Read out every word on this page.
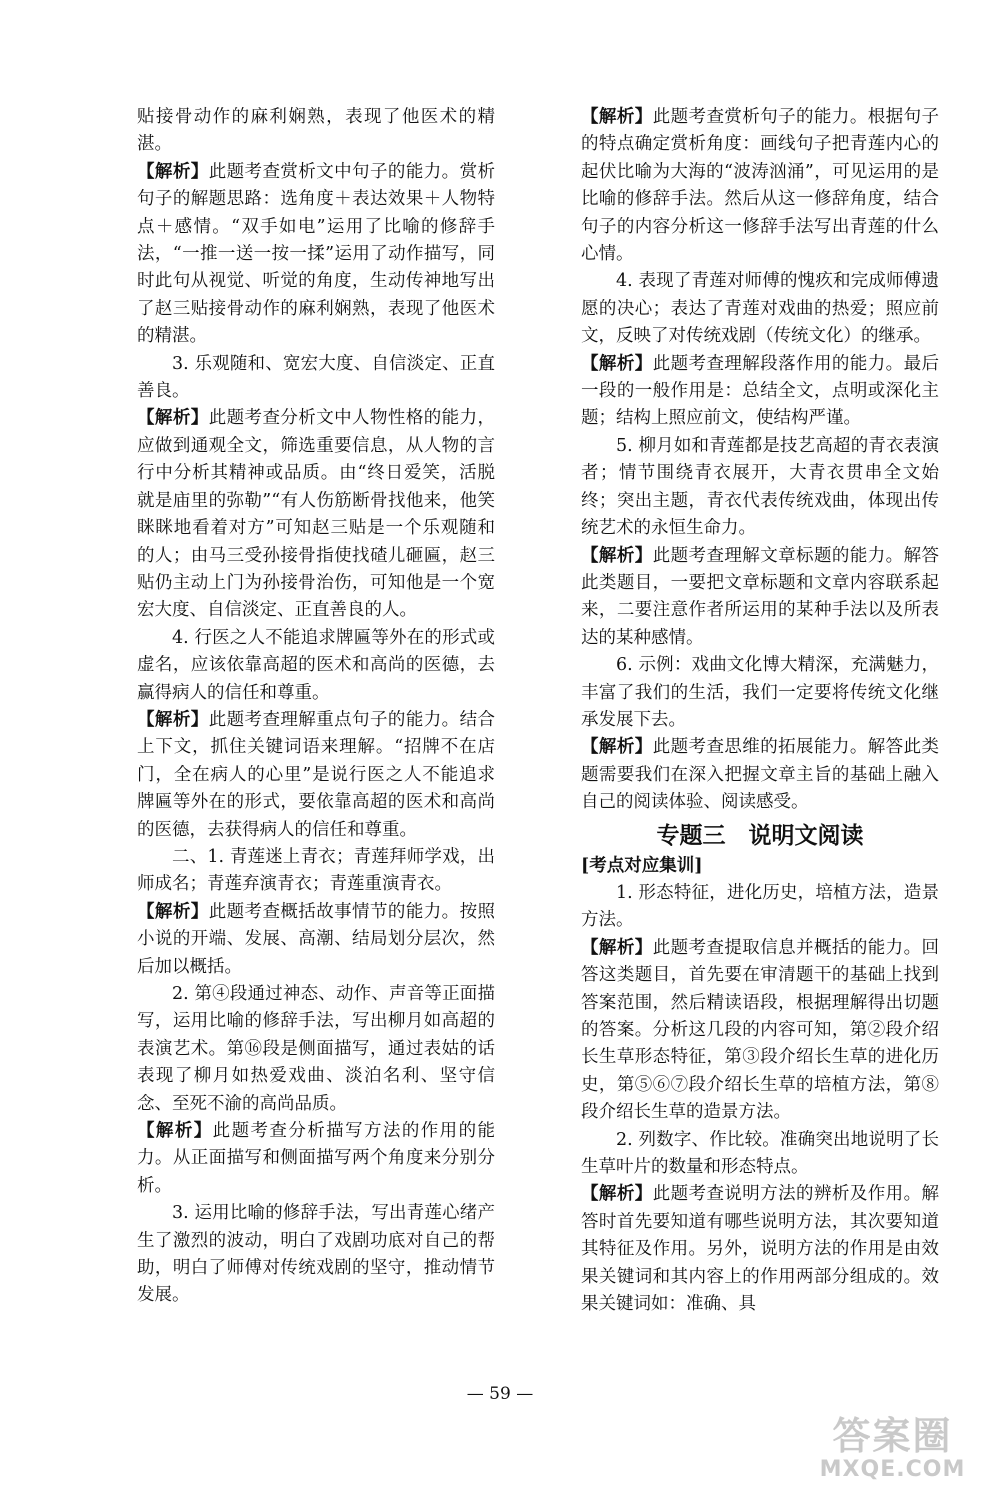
贴接骨动作的麻利娴熟，表现了他医术的精湛。

【解析】此题考查赏析文中句子的能力。赏析句子的解题思路：选角度＋表达效果＋人物特点＋感情。“双手如电”运用了比喻的修辞手法，“一推一送一按一揉”运用了动作描写，同时此句从视觉、听觉的角度，生动传神地写出了赵三贴接骨动作的麻利娴熟，表现了他医术的精湛。

3. 乐观随和、宽宏大度、自信淡定、正直善良。

【解析】此题考查分析文中人物性格的能力，应做到通观全文，筛选重要信息，从人物的言行中分析其精神或品质。由“终日爱笑，活脱就是庙里的弥勒”“有人伤筋断骨找他来，他笑眯眯地看着对方”可知赵三贴是一个乐观随和的人；由马三受孙接骨指使找碴儿砸匾，赵三贴仍主动上门为孙接骨治伤，可知他是一个宽宏大度、自信淡定、正直善良的人。

4. 行医之人不能追求牌匾等外在的形式或虚名，应该依靠高超的医术和高尚的医德，去赢得病人的信任和尊重。

【解析】此题考查理解重点句子的能力。结合上下文，抓住关键词语来理解。“招牌不在店门，全在病人的心里”是说行医之人不能追求牌匾等外在的形式，要依靠高超的医术和高尚的医德，去获得病人的信任和尊重。

二、1. 青莲迷上青衣；青莲拜师学戏，出师成名；青莲弃演青衣；青莲重演青衣。

【解析】此题考查概括故事情节的能力。按照小说的开端、发展、高潮、结局划分层次，然后加以概括。

2. 第④段通过神态、动作、声音等正面描写，运用比喻的修辞手法，写出柳月如高超的表演艺术。第⑯段是侧面描写，通过表姑的话表现了柳月如热爱戏曲、淡泊名利、坚守信念、至死不渝的高尚品质。

【解析】此题考查分析描写方法的作用的能力。从正面描写和侧面描写两个角度来分别分析。

3. 运用比喻的修辞手法，写出青莲心绪产生了激烈的波动，明白了戏剧功底对自己的帮助，明白了师傅对传统戏剧的坚守，推动情节发展。

【解析】此题考查赏析句子的能力。根据句子的特点确定赏析角度：画线句子把青莲内心的起伏比喻为大海的“波涛汹涌”，可见运用的是比喻的修辞手法。然后从这一修辞角度，结合句子的内容分析这一修辞手法写出青莲的什么心情。

4. 表现了青莲对师傅的愧疚和完成师傅遗愿的决心；表达了青莲对戏曲的热爱；照应前文，反映了对传统戏剧（传统文化）的继承。

【解析】此题考查理解段落作用的能力。最后一段的一般作用是：总结全文，点明或深化主题；结构上照应前文，使结构严谨。

5. 柳月如和青莲都是技艺高超的青衣表演者；情节围绕青衣展开，大青衣贯串全文始终；突出主题，青衣代表传统戏曲，体现出传统艺术的永恒生命力。

【解析】此题考查理解文章标题的能力。解答此类题目，一要把文章标题和文章内容联系起来，二要注意作者所运用的某种手法以及所表达的某种感情。

6. 示例：戏曲文化博大精深，充满魅力，丰富了我们的生活，我们一定要将传统文化继承发展下去。

【解析】此题考查思维的拓展能力。解答此类题需要我们在深入把握文章主旨的基础上融入自己的阅读体验、阅读感受。

专题三　说明文阅读

[考点对应集训]

1. 形态特征，进化历史，培植方法，造景方法。

【解析】此题考查提取信息并概括的能力。回答这类题目，首先要在审清题干的基础上找到答案范围，然后精读语段，根据理解得出切题的答案。分析这几段的内容可知，第②段介绍长生草形态特征，第③段介绍长生草的进化历史，第⑤⑥⑦段介绍长生草的培植方法，第⑧段介绍长生草的造景方法。

2. 列数字、作比较。准确突出地说明了长生草叶片的数量和形态特点。

【解析】此题考查说明方法的辨析及作用。解答时首先要知道有哪些说明方法，其次要知道其特征及作用。另外，说明方法的作用是由效果关键词和其内容上的作用两部分组成的。效果关键词如：准确、具

— 59 —
答案圈
MXQE.COM
